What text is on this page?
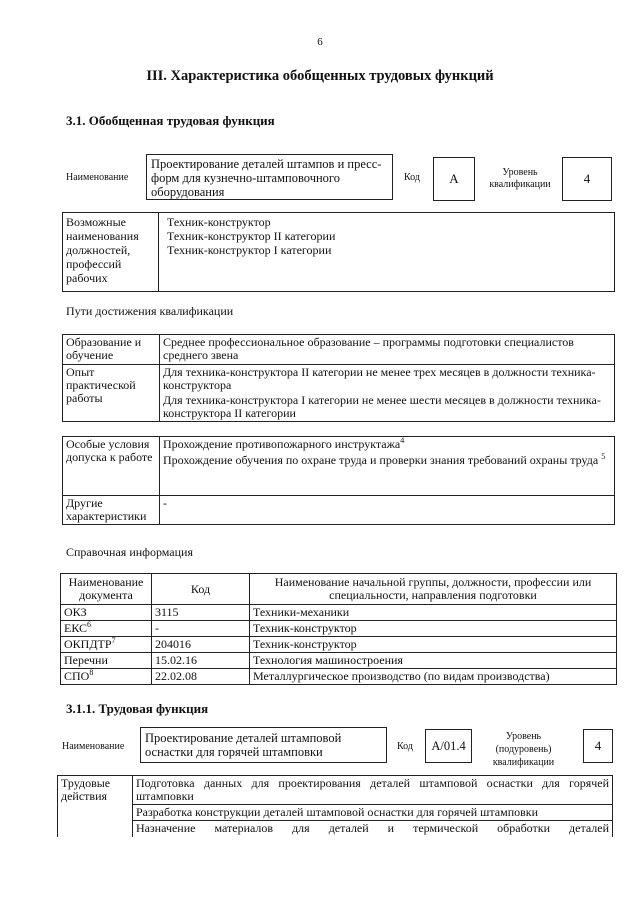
6
III. Характеристика обобщенных трудовых функций
3.1. Обобщенная трудовая функция
Наименование
Проектирование деталей штампов и пресс-форм для кузнечно-штамповочного оборудования
Код	А	Уровень квалификации	4
Возможные наименования должностей, профессий рабочих
Техник-конструктор
Техник-конструктор II категории
Техник-конструктор I категории
Пути достижения квалификации
Образование и обучение	Среднее профессиональное образование – программы подготовки специалистов среднего звена
Опыт практической работы	Для техника-конструктора II категории не менее трех месяцев в должности техника-конструктора
Для техника-конструктора I категории не менее шести месяцев в должности техника-конструктора II категории
Особые условия допуска к работе	Прохождение противопожарного инструктажа$^4$
Прохождение обучения по охране труда и проверки знания требований охраны труда $^5$

Другие характеристики	-
Справочная информация
Наименование документа	Код	Наименование начальной группы, должности, профессии или специальности, направления подготовки
ОКЗ	3115	Техники-механики
ЕКС$^6$	-	Техник-конструктор
ОКПДТР$^7$	204016	Техник-конструктор
Перечни	15.02.16	Технология машиностроения
СПО$^8$	22.02.08	Металлургическое производство (по видам производства)
3.1.1. Трудовая функция
Наименование
Проектирование деталей штамповой оснастки для горячей штамповки	Код	А/01.4
Уровень (подуровень) квалификации
4
Трудовые действия	
Подготовка данных для проектирования деталей штамповой оснастки для горячей штамповки

Разработка конструкции деталей штамповой оснастки для горячей штамповки

Назначение материалов для деталей и термической обработки деталей
